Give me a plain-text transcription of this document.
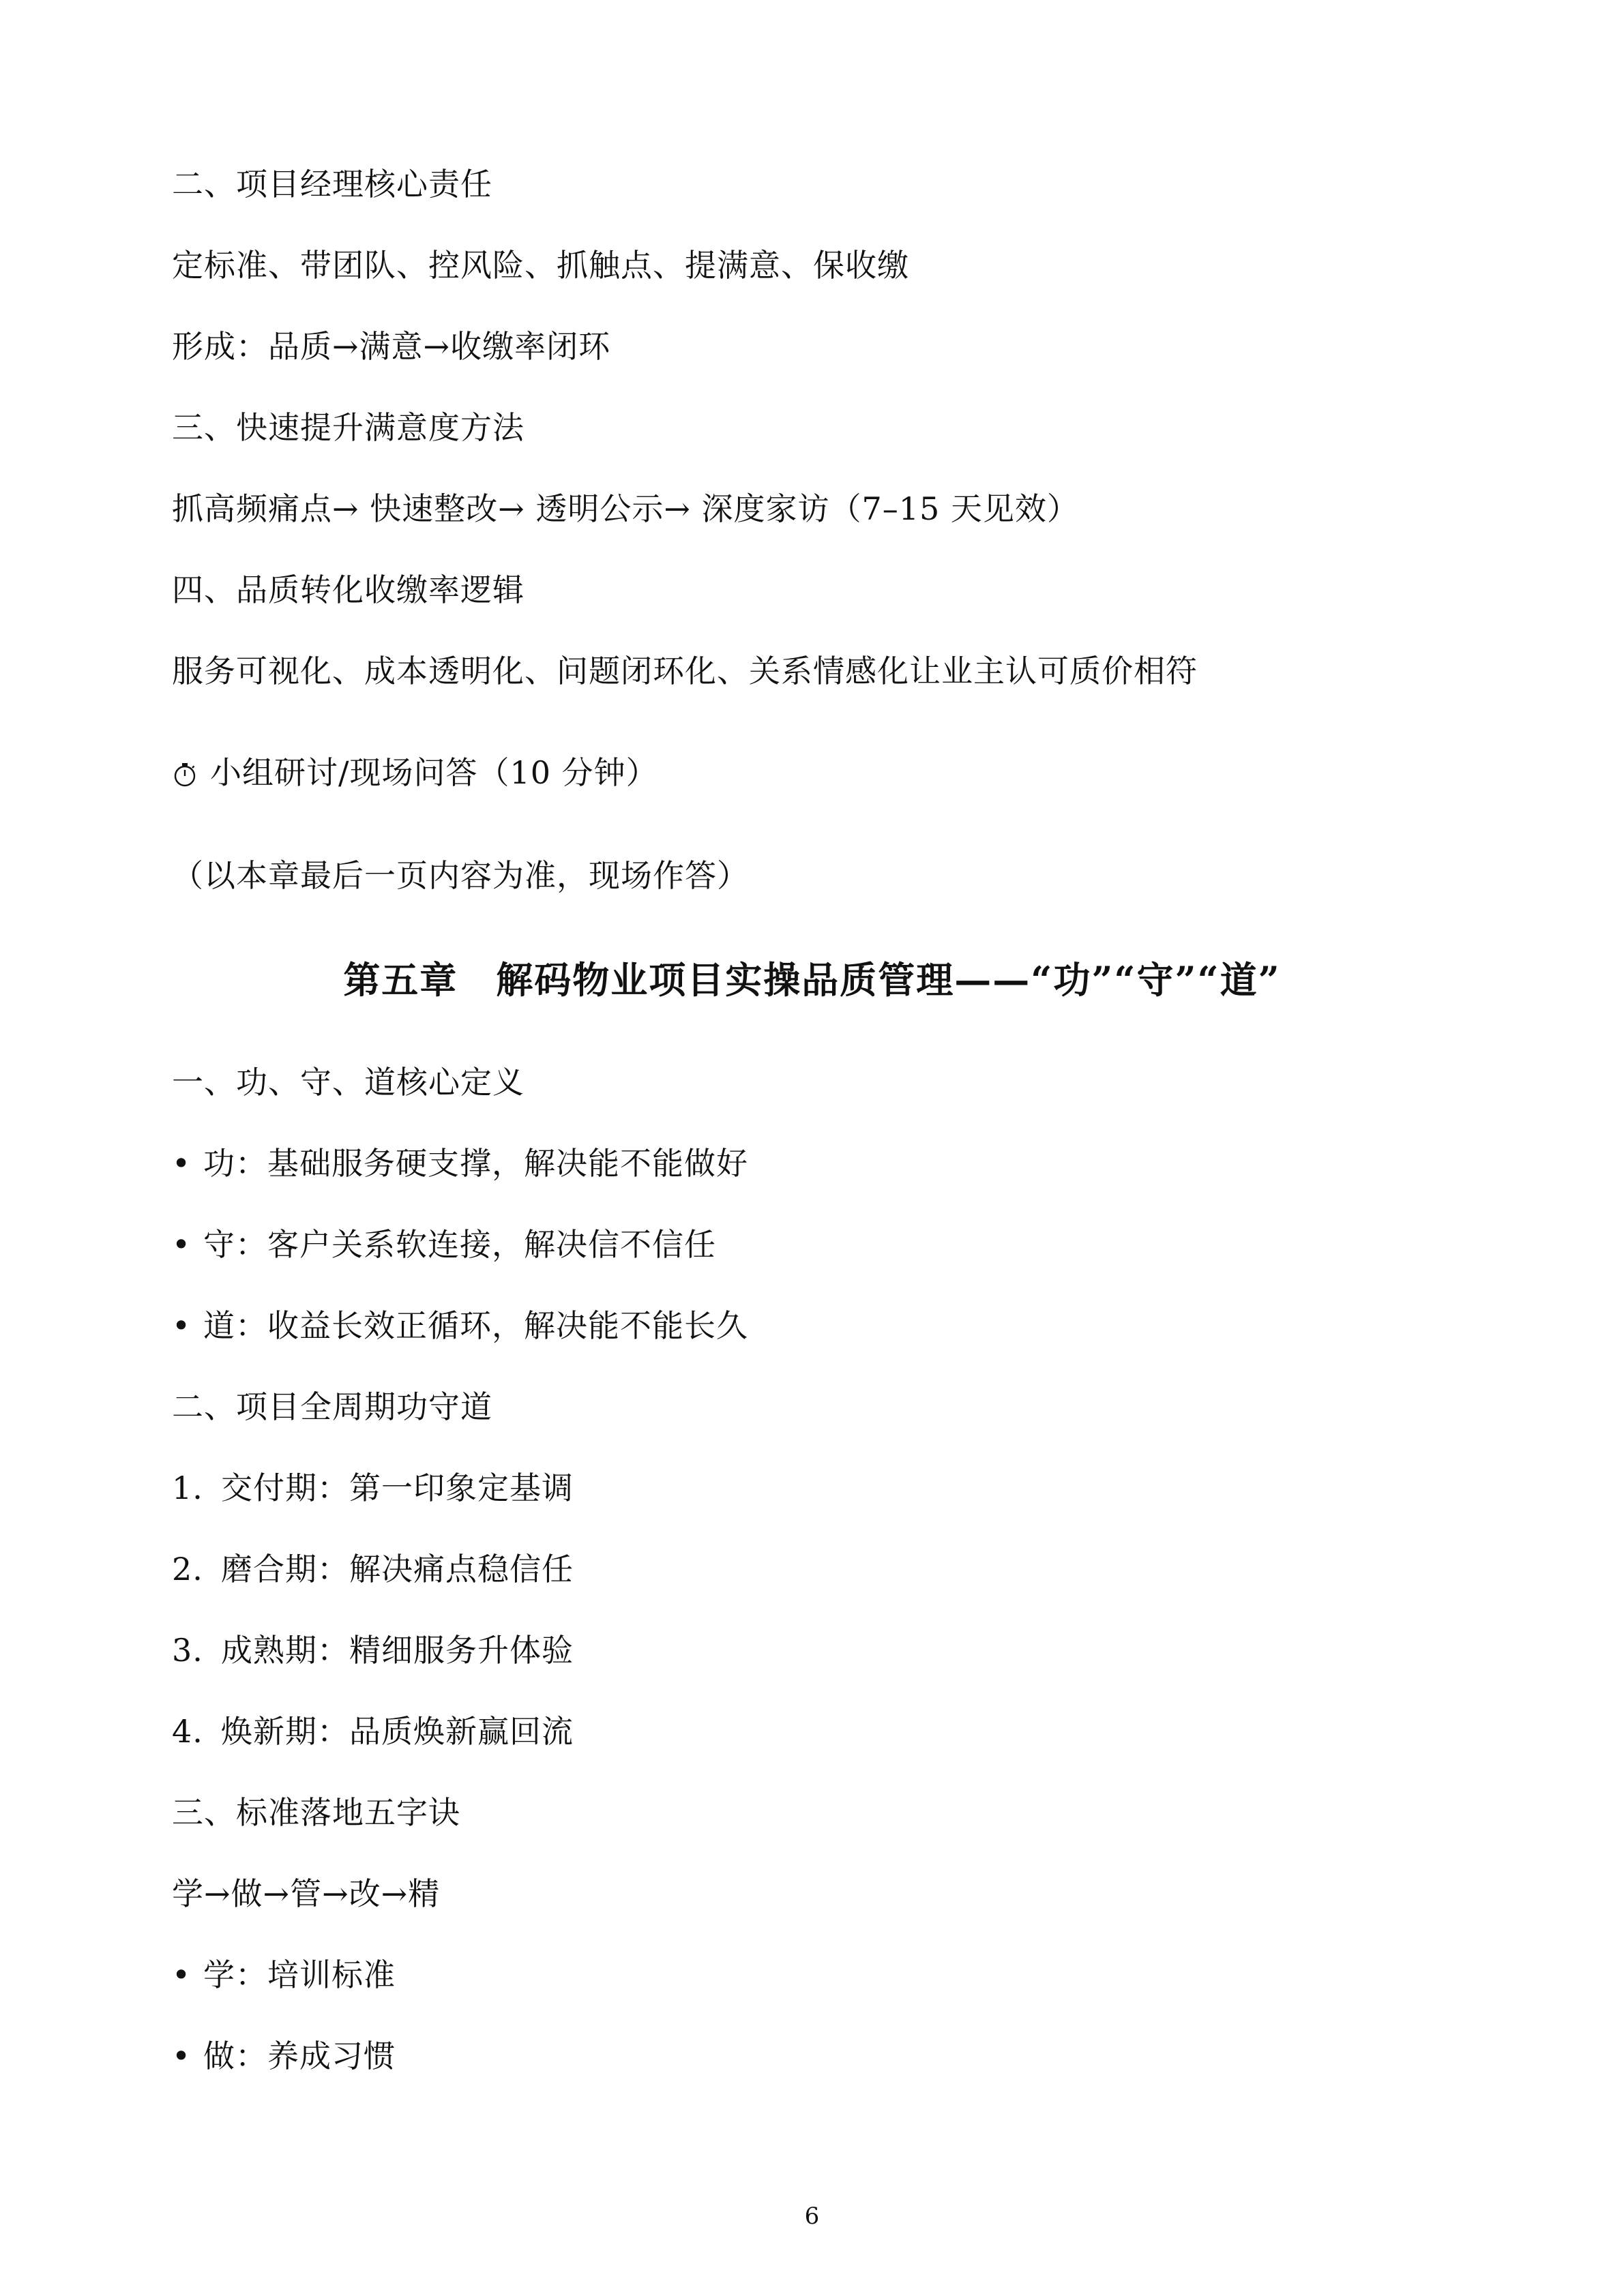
二、项目经理核心责任
定标准、带团队、控风险、抓触点、提满意、保收缴
形成：品质→满意→收缴率闭环
三、快速提升满意度方法
抓高频痛点→ 快速整改→ 透明公示→ 深度家访（7–15 天见效）
四、品质转化收缴率逻辑
服务可视化、成本透明化、问题闭环化、关系情感化让业主认可质价相符
小组研讨/现场问答（10 分钟）
（以本章最后一页内容为准，现场作答）
第五章　解码物业项目实操品质管理——“功”“守”“道”
一、功、守、道核心定义
• 功：基础服务硬支撑，解决能不能做好
• 守：客户关系软连接，解决信不信任
• 道：收益长效正循环，解决能不能长久
二、项目全周期功守道
1. 交付期：第一印象定基调
2. 磨合期：解决痛点稳信任
3. 成熟期：精细服务升体验
4. 焕新期：品质焕新赢回流
三、标准落地五字诀
学→做→管→改→精
• 学：培训标准
• 做：养成习惯
6
